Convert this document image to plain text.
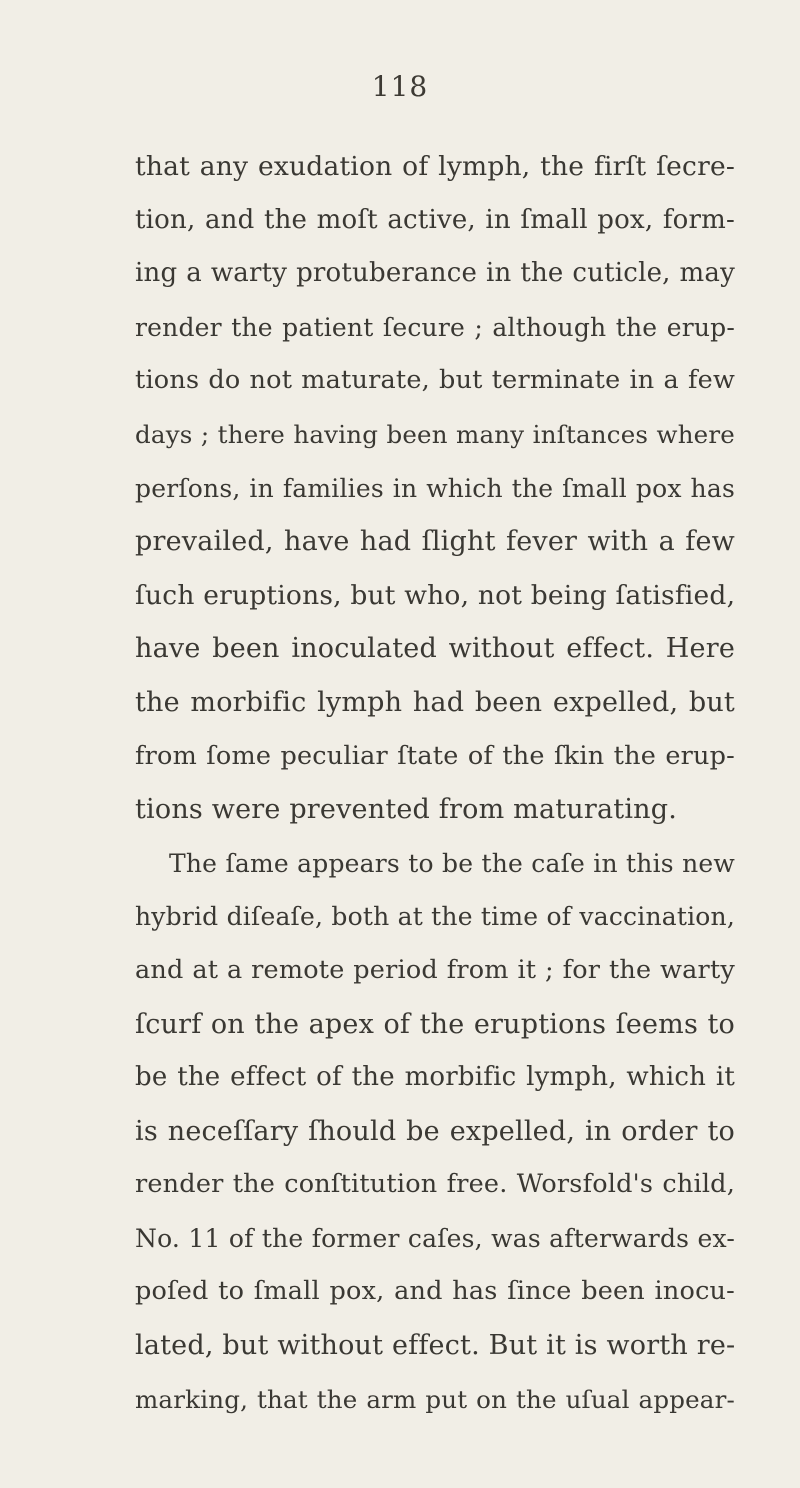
118
that any exudation of lymph, the firſt ſecre-
tion, and the moſt active, in ſmall pox, form-
ing a warty protuberance in the cuticle, may
render the patient ſecure ; although the erup-
tions do not maturate, but terminate in a few
days ; there having been many inſtances where
perſons, in families in which the ſmall pox has
prevailed, have had ſlight fever with a few
ſuch eruptions, but who, not being ſatisfied,
have been inoculated without effect. Here
the morbific lymph had been expelled, but
from ſome peculiar ſtate of the ſkin the erup-
tions were prevented from maturating.
The ſame appears to be the caſe in this new
hybrid diſeaſe, both at the time of vaccination,
and at a remote period from it ; for the warty
ſcurf on the apex of the eruptions ſeems to
be the effect of the morbific lymph, which it
is neceſſary ſhould be expelled, in order to
render the conſtitution free. Worsfold's child,
No. 11 of the former caſes, was afterwards ex-
poſed to ſmall pox, and has ſince been inocu-
lated, but without effect. But it is worth re-
marking, that the arm put on the uſual appear-
